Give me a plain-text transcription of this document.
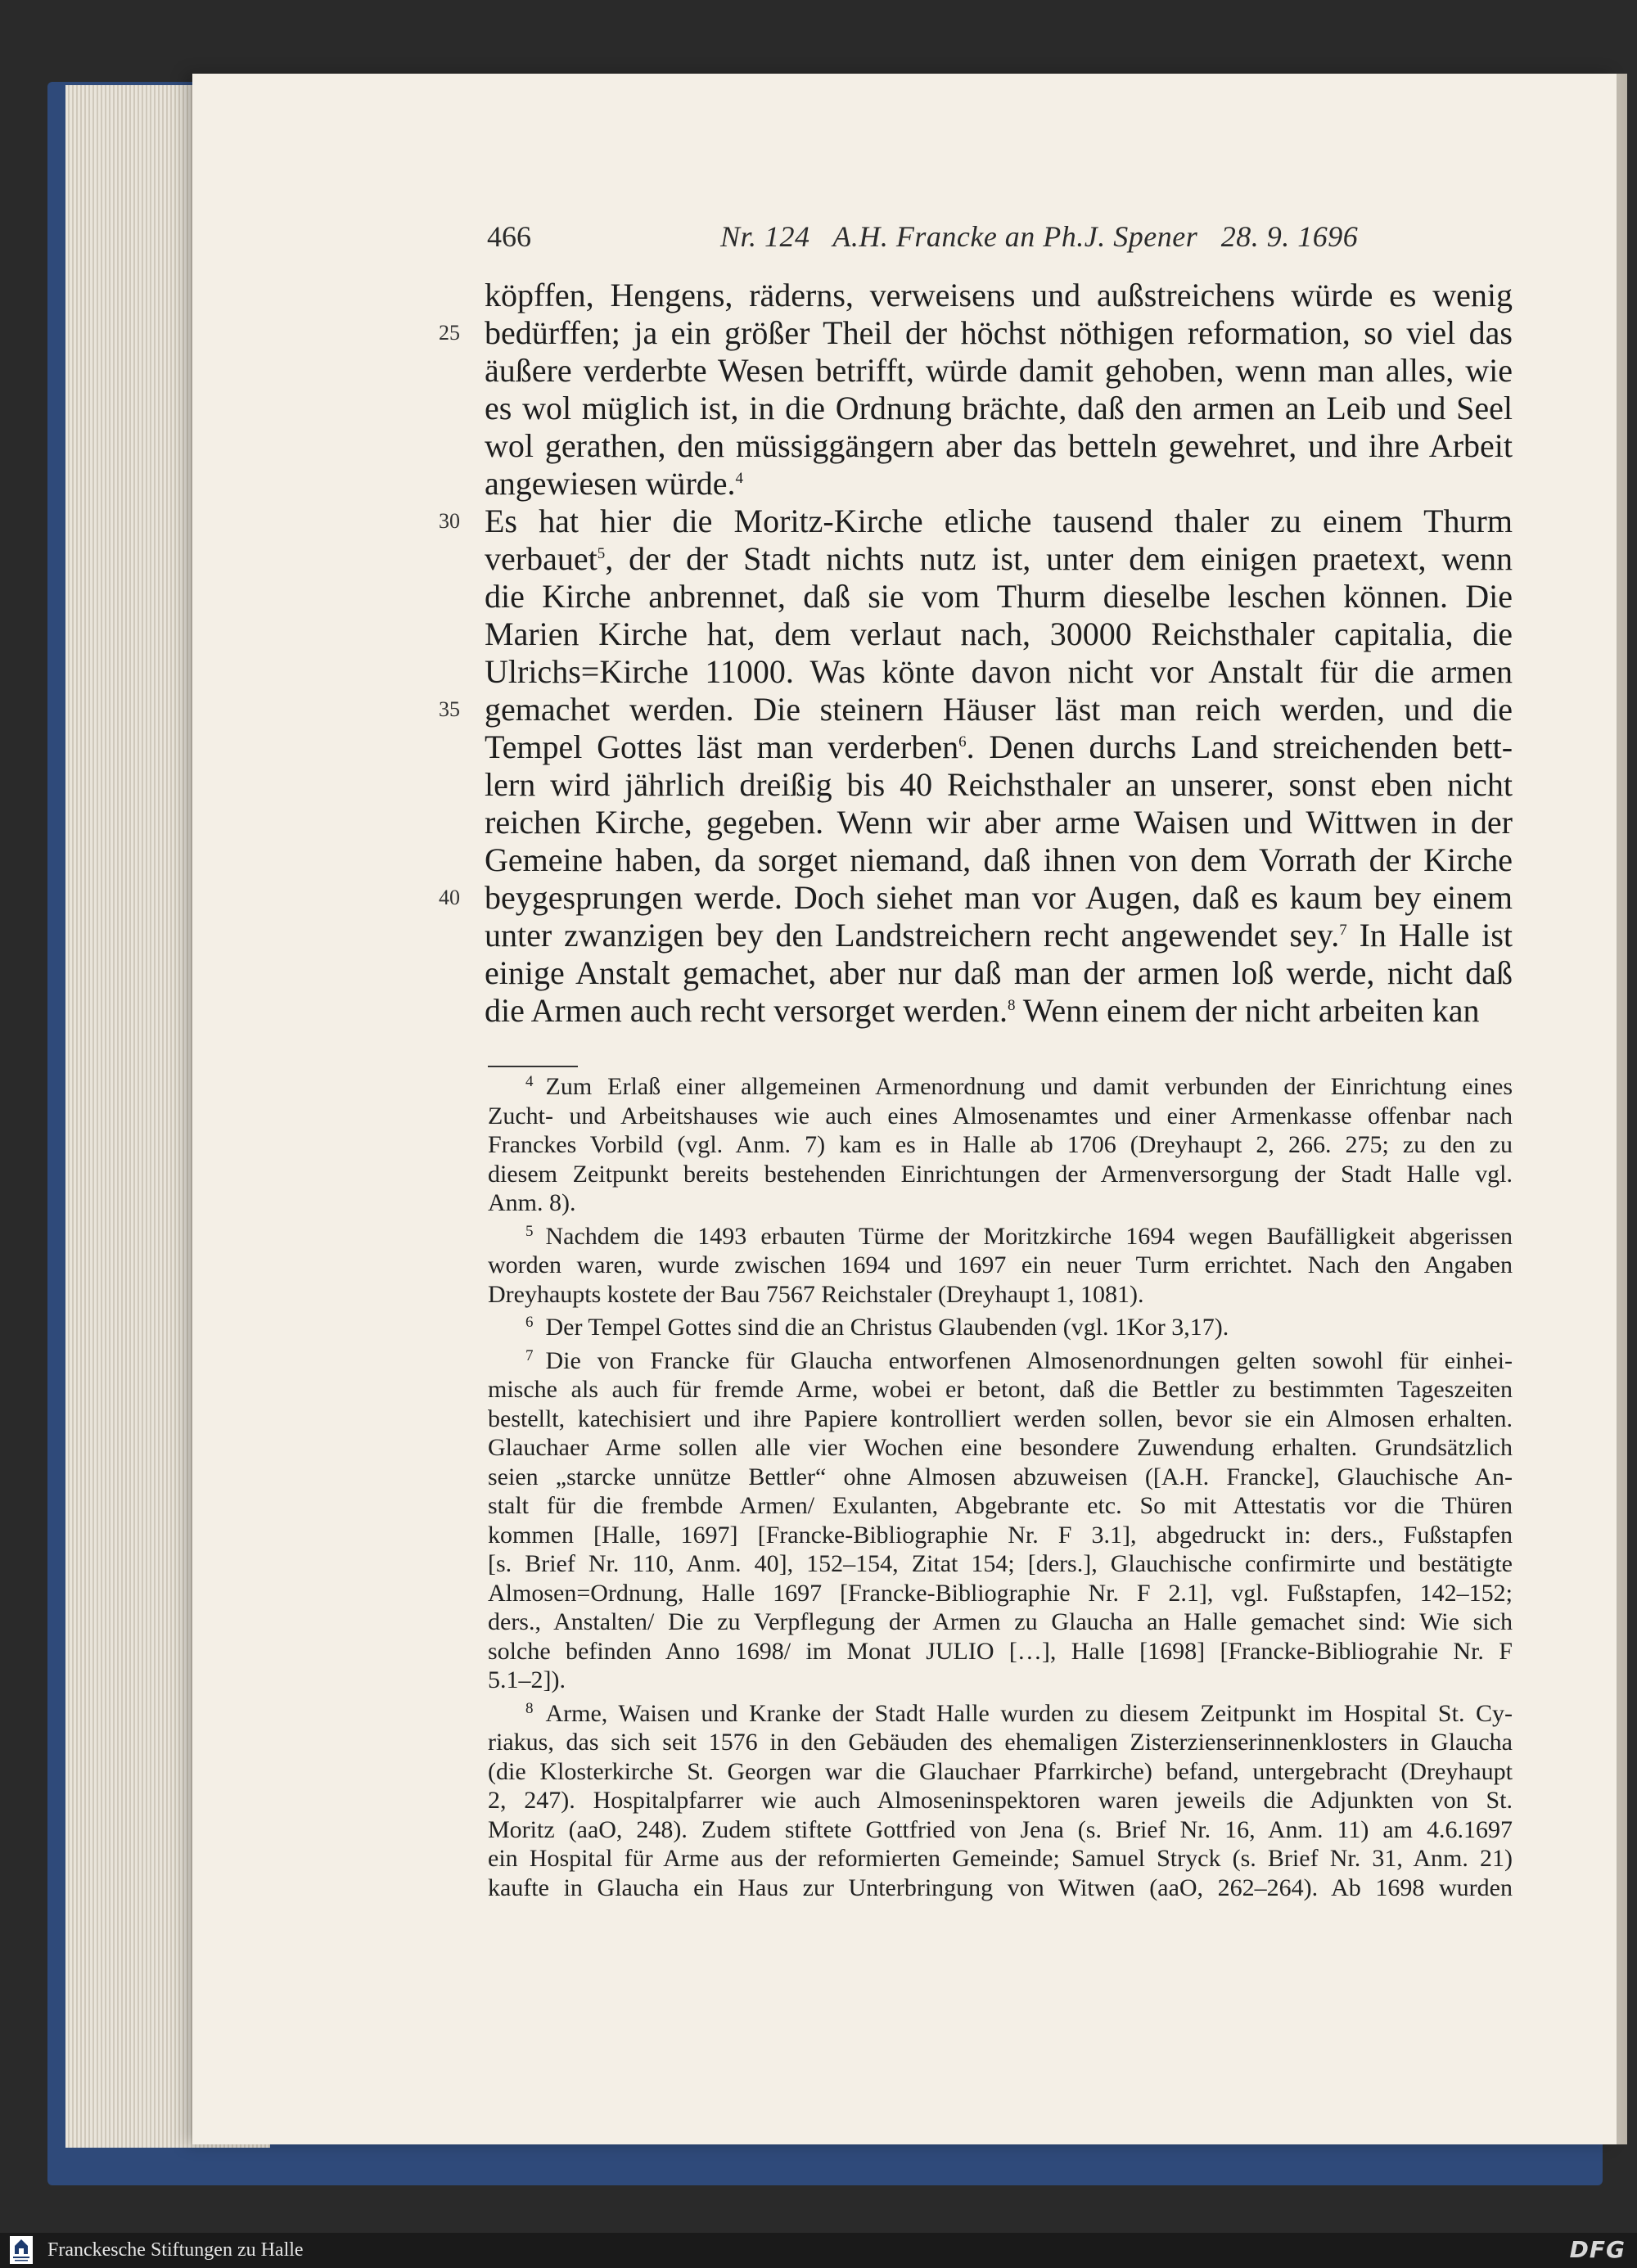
466	Nr. 124   A.H. Francke an Ph.J. Spener   28. 9. 1696
köpffen, Hengens, räderns, verweisens und außstreichens würde es wenig
25 bedürffen; ja ein größer Theil der höchst nöthigen reformation, so viel das
äußere verderbte Wesen betrifft, würde damit gehoben, wenn man alles, wie
es wol müglich ist, in die Ordnung brächte, daß den armen an Leib und Seel
wol gerathen, den müssiggängern aber das betteln gewehret, und ihre Arbeit
angewiesen würde.$^4$
30 Es hat hier die Moritz-Kirche etliche tausend thaler zu einem Thurm
verbauet$^5$, der der Stadt nichts nutz ist, unter dem einigen praetext, wenn
die Kirche anbrennet, daß sie vom Thurm dieselbe leschen können. Die
Marien Kirche hat, dem verlaut nach, 30000 Reichsthaler capitalia, die
Ulrichs=Kirche 11000. Was könte davon nicht vor Anstalt für die armen
35 gemachet werden. Die steinern Häuser läst man reich werden, und die
Tempel Gottes läst man verderben$^6$. Denen durchs Land streichenden bett-
lern wird jährlich dreißig bis 40 Reichsthaler an unserer, sonst eben nicht
reichen Kirche, gegeben. Wenn wir aber arme Waisen und Wittwen in der
Gemeine haben, da sorget niemand, daß ihnen von dem Vorrath der Kirche
40 beygesprungen werde. Doch siehet man vor Augen, daß es kaum bey einem
unter zwanzigen bey den Landstreichern recht angewendet sey.$^7$ In Halle ist
einige Anstalt gemachet, aber nur daß man der armen loß werde, nicht daß
die Armen auch recht versorget werden.$^8$ Wenn einem der nicht arbeiten kan
$^4$  Zum Erlaß einer allgemeinen Armenordnung und damit verbunden der Einrichtung eines
Zucht- und Arbeitshauses wie auch eines Almosenamtes und einer Armenkasse offenbar nach
Franckes Vorbild (vgl. Anm. 7) kam es in Halle ab 1706 (Dreyhaupt 2, 266. 275; zu den zu
diesem Zeitpunkt bereits bestehenden Einrichtungen der Armenversorgung der Stadt Halle vgl.
Anm. 8).
$^5$  Nachdem die 1493 erbauten Türme der Moritzkirche 1694 wegen Baufälligkeit abgerissen
worden waren, wurde zwischen 1694 und 1697 ein neuer Turm errichtet. Nach den Angaben
Dreyhaupts kostete der Bau 7567 Reichstaler (Dreyhaupt 1, 1081).
$^6$  Der Tempel Gottes sind die an Christus Glaubenden (vgl. 1Kor 3,17).
$^7$  Die von Francke für Glaucha entworfenen Almosenordnungen gelten sowohl für einhei-
mische als auch für fremde Arme, wobei er betont, daß die Bettler zu bestimmten Tageszeiten
bestellt, katechisiert und ihre Papiere kontrolliert werden sollen, bevor sie ein Almosen erhalten.
Glauchaer Arme sollen alle vier Wochen eine besondere Zuwendung erhalten. Grundsätzlich
seien „starcke unnütze Bettler“ ohne Almosen abzuweisen ([A.H. Francke], Glauchische An-
stalt für die frembde Armen/ Exulanten, Abgebrante etc. So mit Attestatis vor die Thüren
kommen [Halle, 1697] [Francke-Bibliographie Nr. F 3.1], abgedruckt in: ders., Fußstapfen
[s. Brief Nr. 110, Anm. 40], 152–154, Zitat 154; [ders.], Glauchische confirmirte und bestätigte
Almosen=Ordnung, Halle 1697 [Francke-Bibliographie Nr. F 2.1], vgl. Fußstapfen, 142–152;
ders., Anstalten/ Die zu Verpflegung der Armen zu Glaucha an Halle gemachet sind: Wie sich
solche befinden Anno 1698/ im Monat JULIO […], Halle [1698] [Francke-Bibliograhie Nr. F
5.1–2]).
$^8$  Arme, Waisen und Kranke der Stadt Halle wurden zu diesem Zeitpunkt im Hospital St. Cy-
riakus, das sich seit 1576 in den Gebäuden des ehemaligen Zisterzienserinnenklosters in Glaucha
(die Klosterkirche St. Georgen war die Glauchaer Pfarrkirche) befand, untergebracht (Dreyhaupt
2, 247). Hospitalpfarrer wie auch Almoseninspektoren waren jeweils die Adjunkten von St.
Moritz (aaO, 248). Zudem stiftete Gottfried von Jena (s. Brief Nr. 16, Anm. 11) am 4.6.1697
ein Hospital für Arme aus der reformierten Gemeinde; Samuel Stryck (s. Brief Nr. 31, Anm. 21)
kaufte in Glaucha ein Haus zur Unterbringung von Witwen (aaO, 262–264). Ab 1698 wurden
Franckesche Stiftungen zu Halle	DFG
